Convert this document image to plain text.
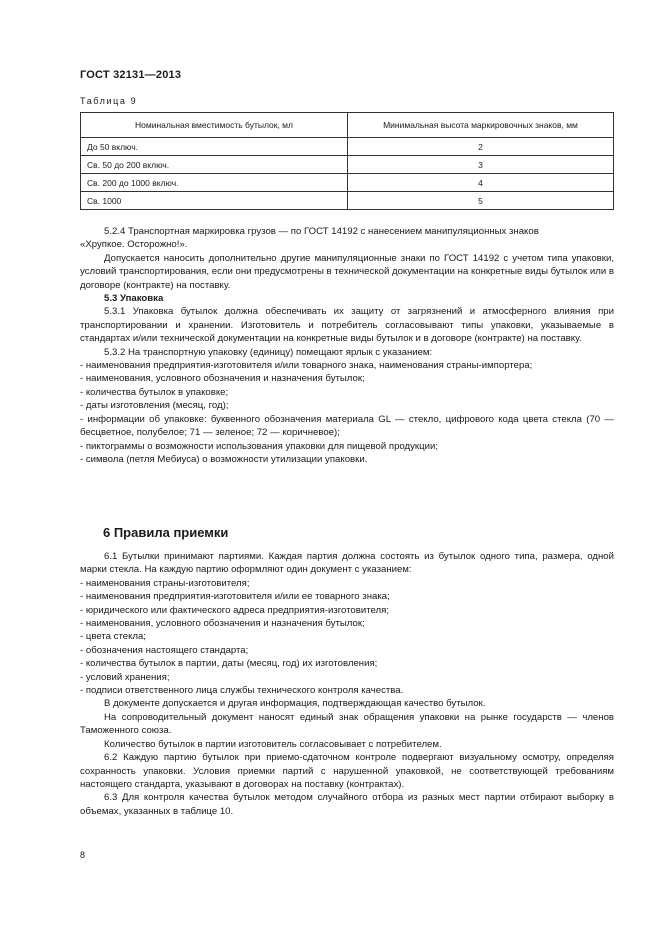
ГОСТ 32131—2013
Таблица 9
Номинальная вместимость бутылок, мл	Минимальная высота маркировочных знаков, мм
До 50 включ.	2
Св. 50 до 200 включ.	3
Св. 200 до 1000 включ.	4
Св. 1000	5

5.2.4 Транспортная маркировка грузов — по ГОСТ 14192 с нанесением манипуляционных знаков
«Хрупкое. Осторожно!».

Допускается наносить дополнительно другие манипуляционные знаки по ГОСТ 14192 с учетом типа упаковки, условий транспортирования, если они предусмотрены в технической документации на конкретные виды бутылок или в договоре (контракте) на поставку.

5.3 Упаковка

5.3.1 Упаковка бутылок должна обеспечивать их защиту от загрязнений и атмосферного влияния при транспортировании и хранении. Изготовитель и потребитель согласовывают типы упаковки, указываемые в стандартах и/или технической документации на конкретные виды бутылок и в договоре (контракте) на поставку.

5.3.2 На транспортную упаковку (единицу) помещают ярлык с указанием:

- наименования предприятия-изготовителя и/или товарного знака, наименования страны-импортера;
- наименования, условного обозначения и назначения бутылок;
- количества бутылок в упаковке;
- даты изготовления (месяц, год);
- информации об упаковке: буквенного обозначения материала GL — стекло, цифрового кода цвета стекла (70 — бесцветное, полубелое; 71 — зеленое; 72 — коричневое);
- пиктограммы о возможности использования упаковки для пищевой продукции;
- символа (петля Мебиуса) о возможности утилизации упаковки.
6 Правила приемки

6.1 Бутылки принимают партиями. Каждая партия должна состоять из бутылок одного типа, размера, одной марки стекла. На каждую партию оформляют один документ с указанием:

- наименования страны-изготовителя;
- наименования предприятия-изготовителя и/или ее товарного знака;
- юридического или фактического адреса предприятия-изготовителя;
- наименования, условного обозначения и назначения бутылок;
- цвета стекла;
- обозначения настоящего стандарта;
- количества бутылок в партии, даты (месяц, год) их изготовления;
- условий хранения;
- подписи ответственного лица службы технического контроля качества.

В документе допускается и другая информация, подтверждающая качество бутылок.

На сопроводительный документ наносят единый знак обращения упаковки на рынке государств — членов Таможенного союза.

Количество бутылок в партии изготовитель согласовывает с потребителем.

6.2 Каждую партию бутылок при приемо-сдаточном контроле подвергают визуальному осмотру, определяя сохранность упаковки. Условия приемки партий с нарушенной упаковкой, не соответствующей требованиям настоящего стандарта, указывают в договорах на поставку (контрактах).

6.3 Для контроля качества бутылок методом случайного отбора из разных мест партии отбирают выборку в объемах, указанных в таблице 10.

8
